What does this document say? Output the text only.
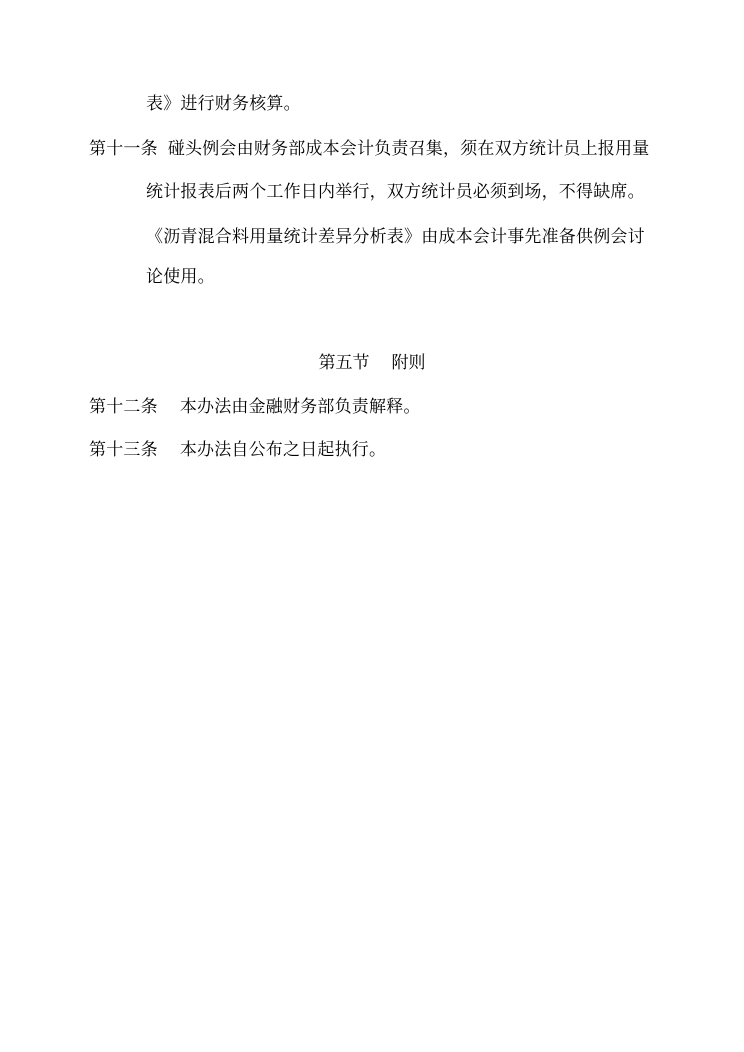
表》进行财务核算。
第十一条 碰头例会由财务部成本会计负责召集，须在双方统计员上报用量
统计报表后两个工作日内举行，双方统计员必须到场，不得缺席。
《沥青混合料用量统计差异分析表》由成本会计事先准备供例会讨
论使用。
第五节 附则
第十二条 本办法由金融财务部负责解释。
第十三条 本办法自公布之日起执行。
